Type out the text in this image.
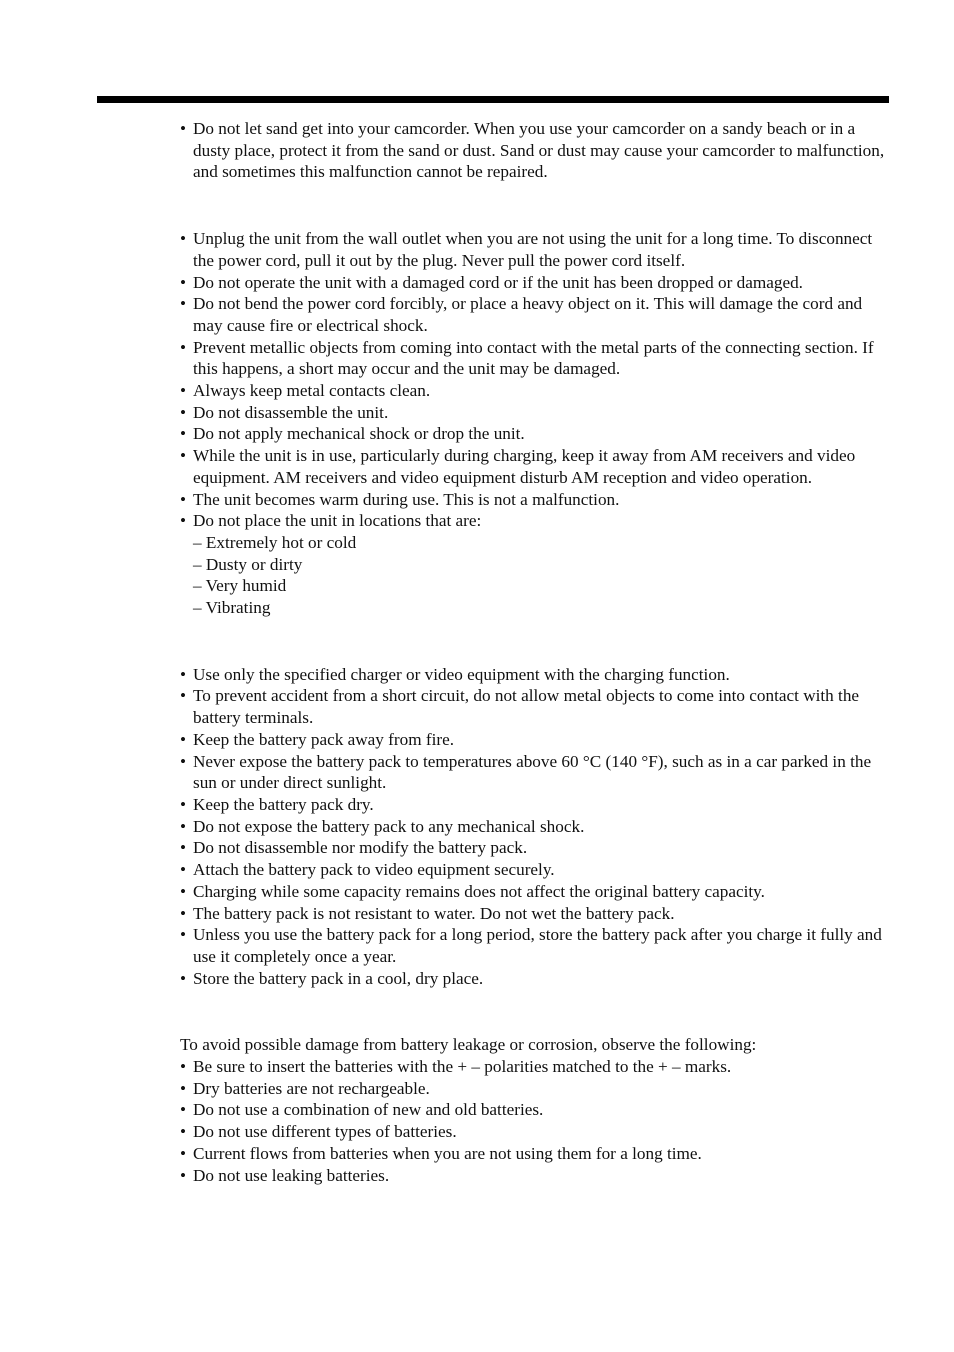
• Do not let sand get into your camcorder. When you use your camcorder on a sandy beach or in a dusty place, protect it from the sand or dust. Sand or dust may cause your camcorder to malfunction, and sometimes this malfunction cannot be repaired.
• Unplug the unit from the wall outlet when you are not using the unit for a long time. To disconnect the power cord, pull it out by the plug. Never pull the power cord itself.
• Do not operate the unit with a damaged cord or if the unit has been dropped or damaged.
• Do not bend the power cord forcibly, or place a heavy object on it. This will damage the cord and may cause fire or electrical shock.
• Prevent metallic objects from coming into contact with the metal parts of the connecting section. If this happens, a short may occur and the unit may be damaged.
• Always keep metal contacts clean.
• Do not disassemble the unit.
• Do not apply mechanical shock or drop the unit.
• While the unit is in use, particularly during charging, keep it away from AM receivers and video equipment. AM receivers and video equipment disturb AM reception and video operation.
• The unit becomes warm during use. This is not a malfunction.
• Do not place the unit in locations that are:
– Extremely hot or cold
– Dusty or dirty
– Very humid
– Vibrating
• Use only the specified charger or video equipment with the charging function.
• To prevent accident from a short circuit, do not allow metal objects to come into contact with the battery terminals.
• Keep the battery pack away from fire.
• Never expose the battery pack to temperatures above 60 °C (140 °F), such as in a car parked in the sun or under direct sunlight.
• Keep the battery pack dry.
• Do not expose the battery pack to any mechanical shock.
• Do not disassemble nor modify the battery pack.
• Attach the battery pack to video equipment securely.
• Charging while some capacity remains does not affect the original battery capacity.
• The battery pack is not resistant to water. Do not wet the battery pack.
• Unless you use the battery pack for a long period, store the battery pack after you charge it fully and use it completely once a year.
• Store the battery pack in a cool, dry place.

To avoid possible damage from battery leakage or corrosion, observe the following:

• Be sure to insert the batteries with the + – polarities matched to the + – marks.
• Dry batteries are not rechargeable.
• Do not use a combination of new and old batteries.
• Do not use different types of batteries.
• Current flows from batteries when you are not using them for a long time.
• Do not use leaking batteries.
